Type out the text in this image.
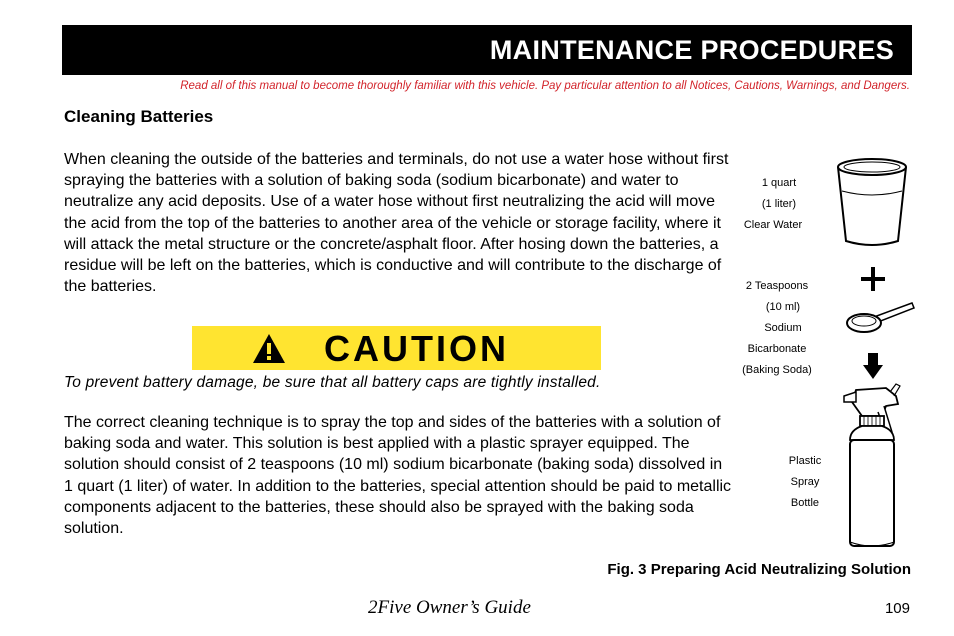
MAINTENANCE PROCEDURES
Read all of this manual to become thoroughly familiar with this vehicle. Pay particular attention to all Notices, Cautions, Warnings, and Dangers.
Cleaning Batteries

When cleaning the outside of the batteries and terminals, do not use a water hose without first spraying the batteries with a solution of baking soda (sodium bicarbonate) and water to neutralize any acid deposits. Use of a water hose without first neutralizing the acid will move the acid from the top of the batteries to another area of the vehicle or storage facility, where it will attack the metal structure or the concrete/asphalt floor. After hosing down the batteries, a residue will be left on the batteries, which is conductive and will contribute to the discharge of the batteries.

CAUTION
To prevent battery damage, be sure that all battery caps are tightly installed.

The correct cleaning technique is to spray the top and sides of the batteries with a solution of baking soda and water. This solution is best applied with a plastic sprayer equipped. The solution should consist of 2 teaspoons (10 ml) sodium bicarbonate (baking soda) dissolved in 1 quart (1 liter) of water. In addition to the batteries, special attention should be paid to metallic components adjacent to the batteries, these should also be sprayed with the baking soda solution.

1 quart
(1 liter)
Clear Water
2 Teaspoons
(10 ml)
Sodium
Bicarbonate
(Baking Soda)
Plastic
Spray
Bottle
Fig. 3 Preparing Acid Neutralizing Solution
2Five Owner’s Guide	109
